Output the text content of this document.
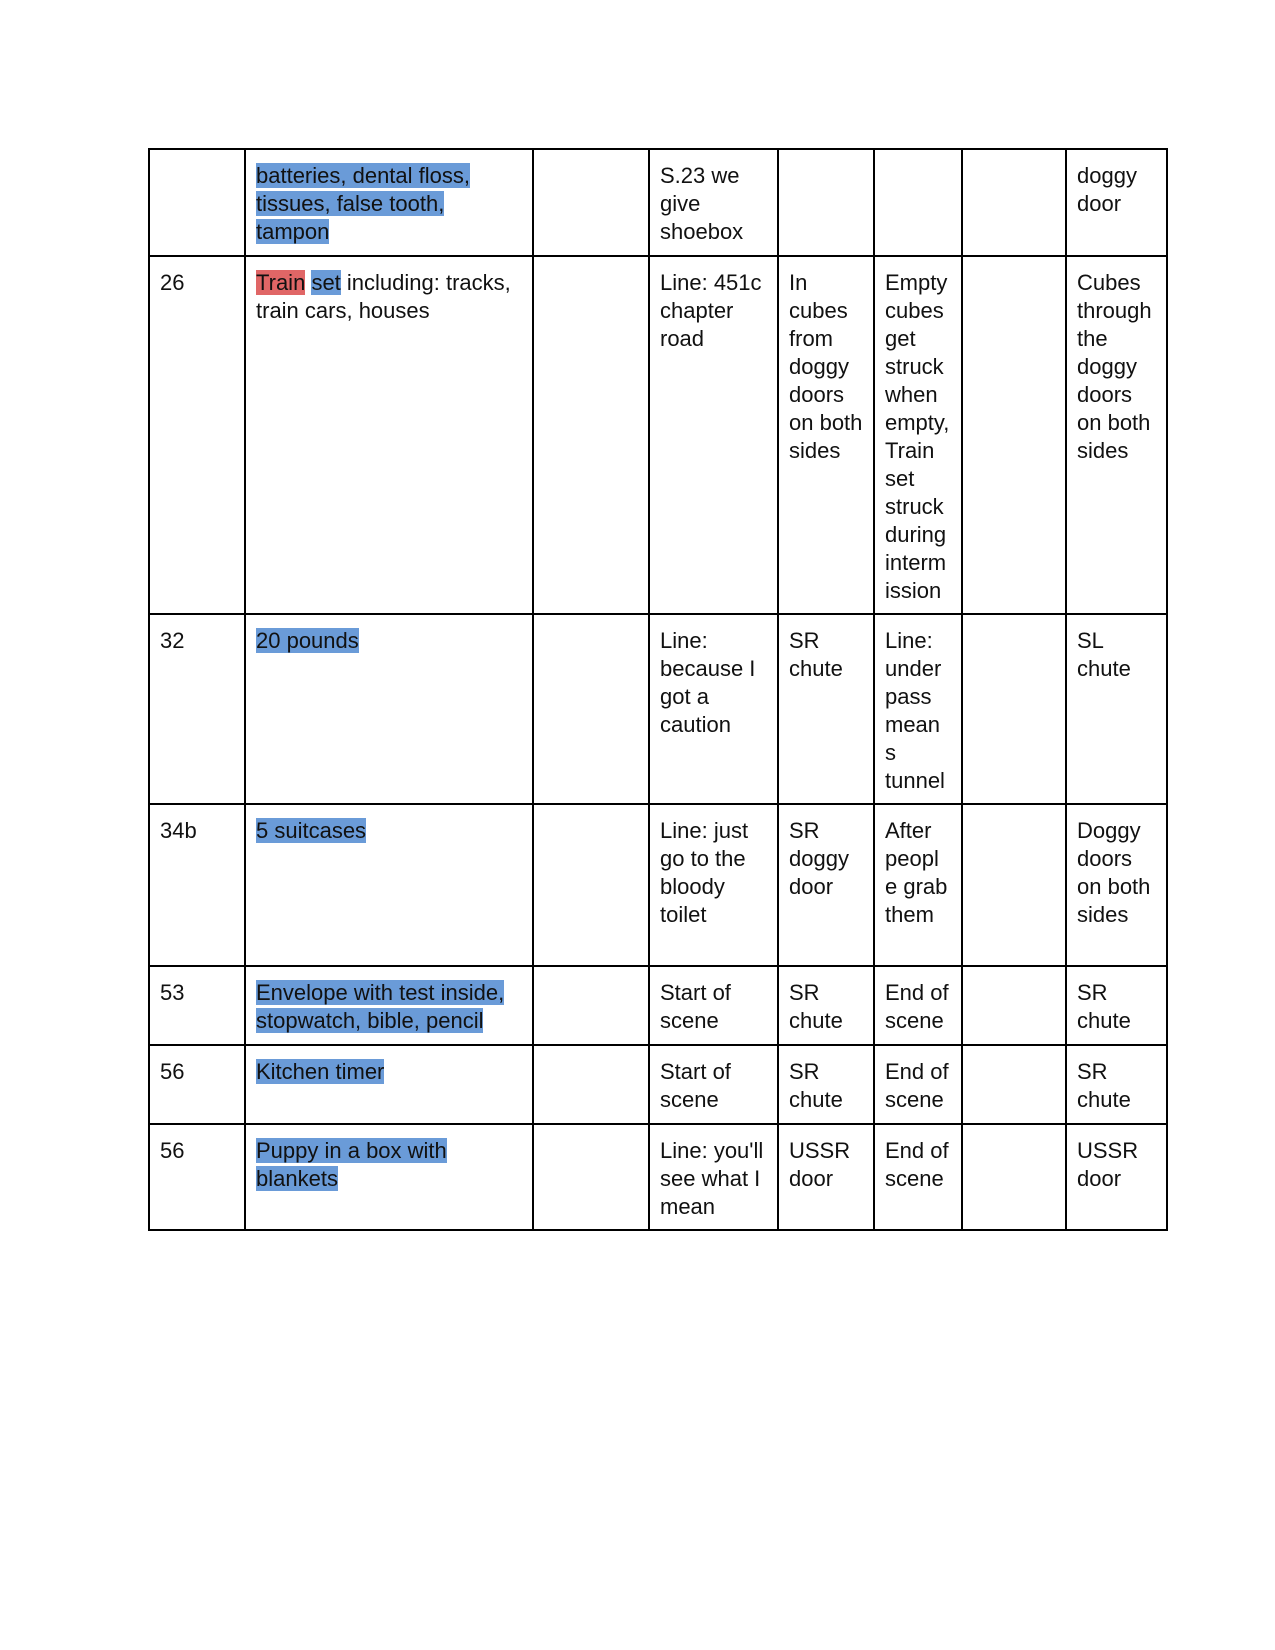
	batteries, dental floss, tissues, false tooth, tampon		S.23 we give shoebox				doggy door
26	Train set including: tracks, train cars, houses		Line: 451c chapter road	In cubes from doggy doors on both sides	Empty cubes get struck when empty, Train set struck during interm ission		Cubes through the doggy doors on both sides
32	20 pounds		Line: because I got a caution	SR chute	Line: under pass mean s tunnel		SL chute
34b	5 suitcases		Line: just go to the bloody toilet	SR doggy door	After peopl e grab them		Doggy doors on both sides
53	Envelope with test inside, stopwatch, bible, pencil		Start of scene	SR chute	End of scene		SR chute
56	Kitchen timer		Start of scene	SR chute	End of scene		SR chute
56	Puppy in a box with blankets		Line: you'll see what I mean	USSR door	End of scene		USSR door
